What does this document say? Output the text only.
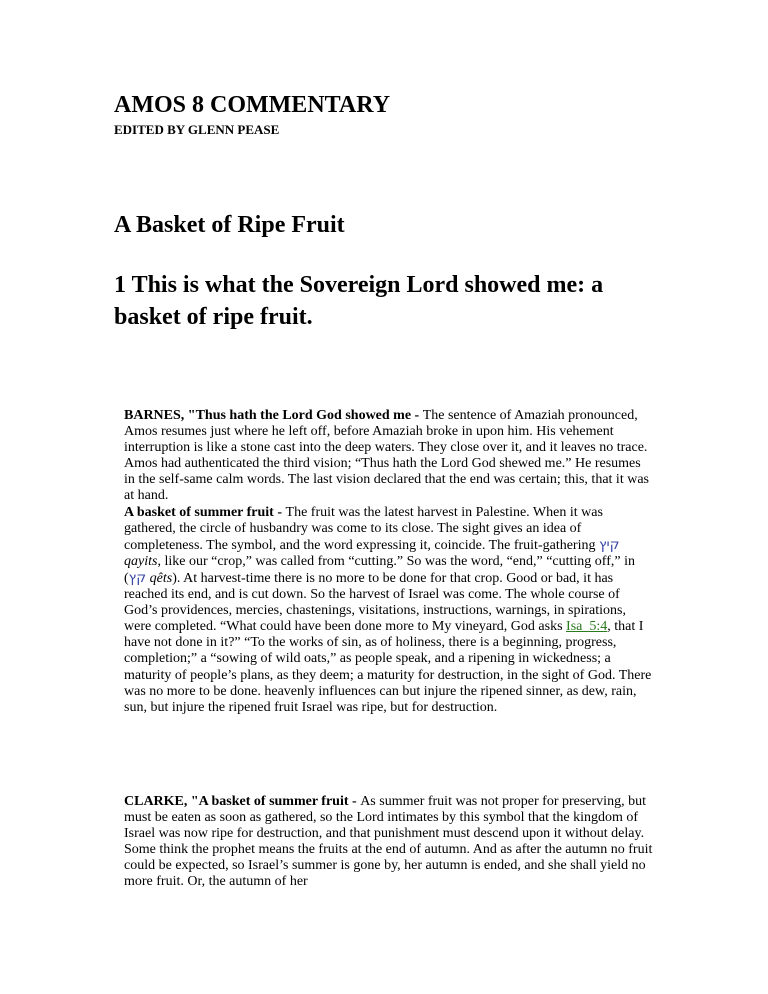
AMOS 8 COMMENTARY
EDITED BY GLENN PEASE
A Basket of Ripe Fruit
1 This is what the Sovereign Lord showed me: a basket of ripe fruit.

BARNES, "Thus hath the Lord God showed me - The sentence of Amaziah pronounced, Amos resumes just where he left off, before Amaziah broke in upon him. His vehement interruption is like a stone cast into the deep waters. They close over it, and it leaves no trace. Amos had authenticated the third vision; “Thus hath the Lord God shewed me.” He resumes in the self-same calm words. The last vision declared that the end was certain; this, that it was at hand.

A basket of summer fruit - The fruit was the latest harvest in Palestine. When it was gathered, the circle of husbandry was come to its close. The sight gives an idea of completeness. The symbol, and the word expressing it, coincide. The fruit-gathering קיץ qayits, like our “crop,” was called from “cutting.” So was the word, “end,” “cutting off,” in (קץ qêts). At harvest-time there is no more to be done for that crop. Good or bad, it has reached its end, and is cut down. So the harvest of Israel was come. The whole course of God’s providences, mercies, chastenings, visitations, instructions, warnings, in spirations, were completed. “What could have been done more to My vineyard, God asks Isa_5:4, that I have not done in it?” “To the works of sin, as of holiness, there is a beginning, progress, completion;” a “sowing of wild oats,” as people speak, and a ripening in wickedness; a maturity of people’s plans, as they deem; a maturity for destruction, in the sight of God. There was no more to be done. heavenly influences can but injure the ripened sinner, as dew, rain, sun, but injure the ripened fruit Israel was ripe, but for destruction.

CLARKE, "A basket of summer fruit - As summer fruit was not proper for preserving, but must be eaten as soon as gathered, so the Lord intimates by this symbol that the kingdom of Israel was now ripe for destruction, and that punishment must descend upon it without delay. Some think the prophet means the fruits at the end of autumn. And as after the autumn no fruit could be expected, so Israel’s summer is gone by, her autumn is ended, and she shall yield no more fruit. Or, the autumn of her
